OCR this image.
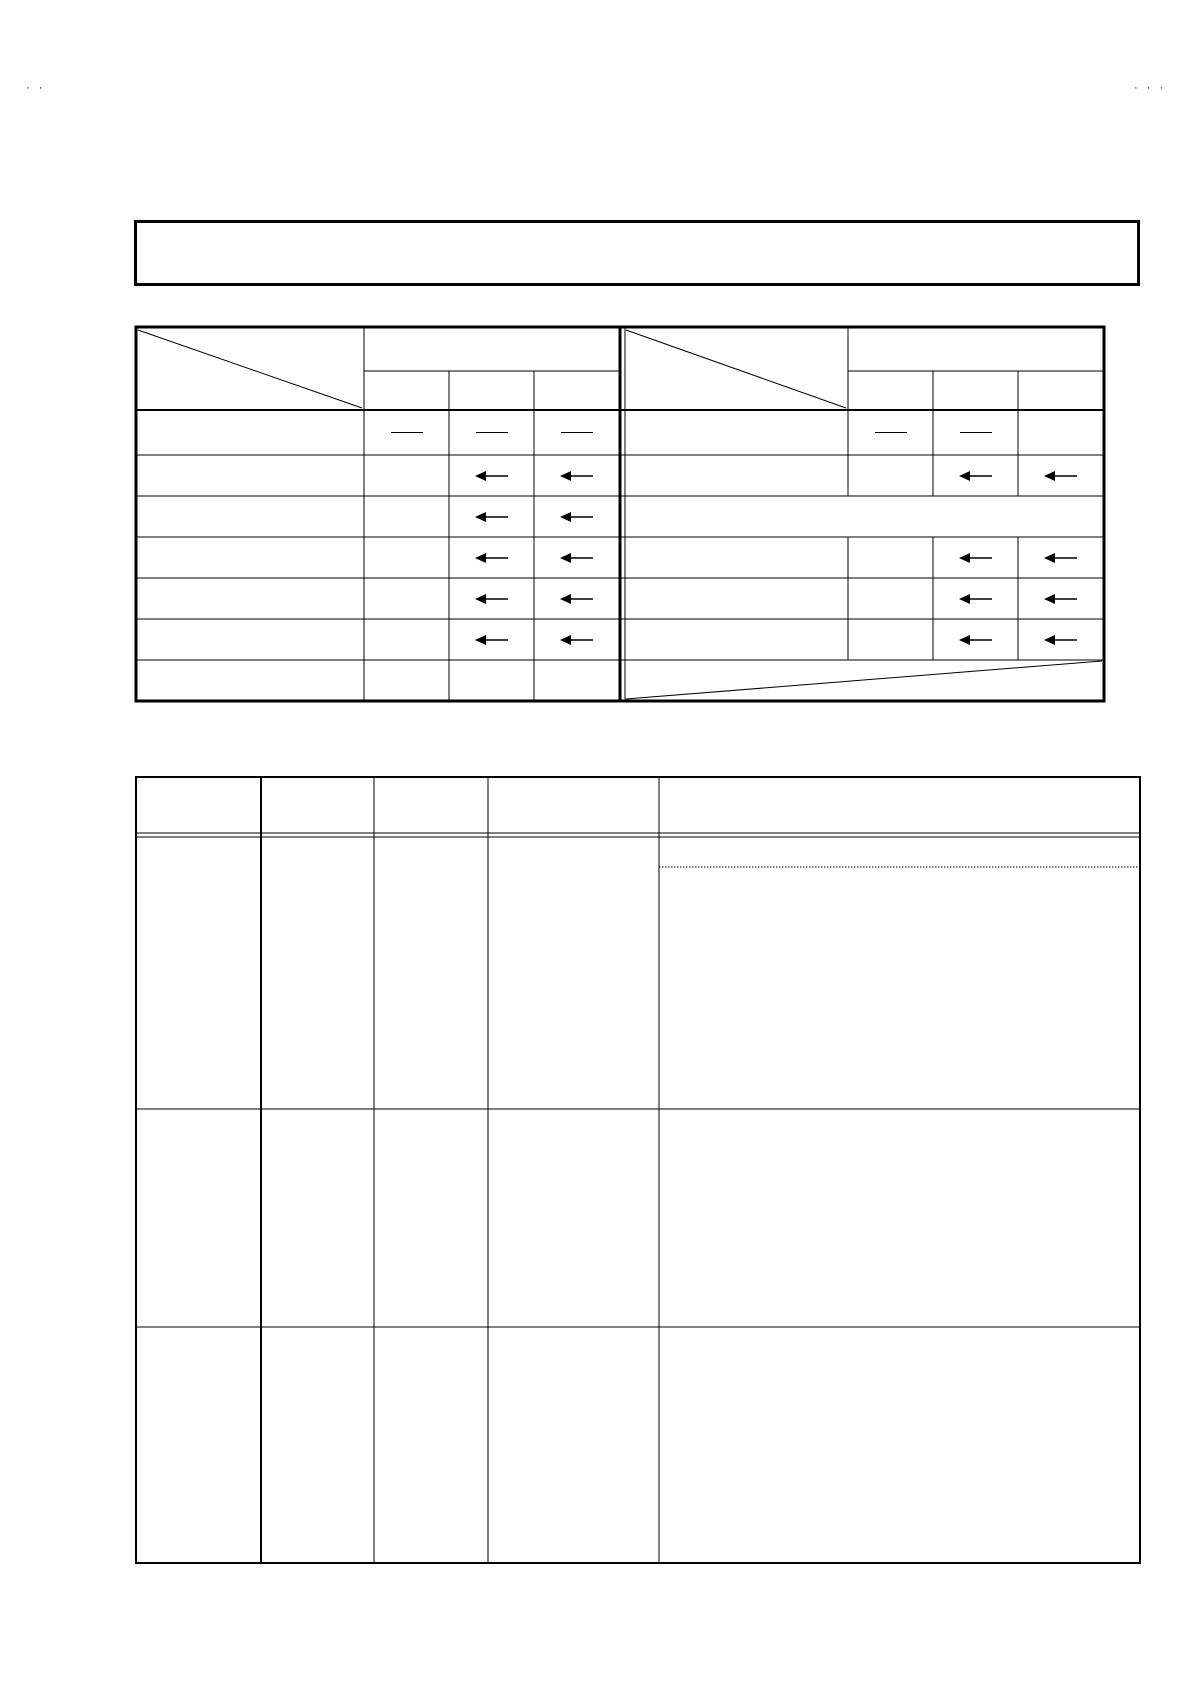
· ·	· · ·
